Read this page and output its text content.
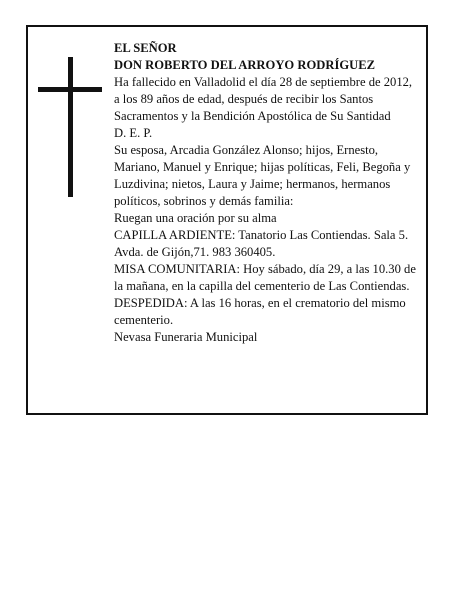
EL SEÑOR

DON ROBERTO DEL ARROYO RODRÍGUEZ

Ha fallecido en Valladolid el día 28 de septiembre de 2012, a los 89 años de edad, después de recibir los Santos Sacramentos y la Bendición Apostólica de Su Santidad

D. E. P.

Su esposa, Arcadia González Alonso; hijos, Ernesto, Mariano, Manuel y Enrique; hijas políticas, Feli, Begoña y Luzdivina; nietos, Laura y Jaime; hermanos, hermanos políticos, sobrinos y demás familia:

Ruegan una oración por su alma

CAPILLA ARDIENTE: Tanatorio Las Contiendas. Sala 5. Avda. de Gijón,71. 983 360405.

MISA COMUNITARIA: Hoy sábado, día 29, a las 10.30 de la mañana, en la capilla del cementerio de Las Contiendas. DESPEDIDA: A las 16 horas, en el crematorio del mismo cementerio.

Nevasa Funeraria Municipal
